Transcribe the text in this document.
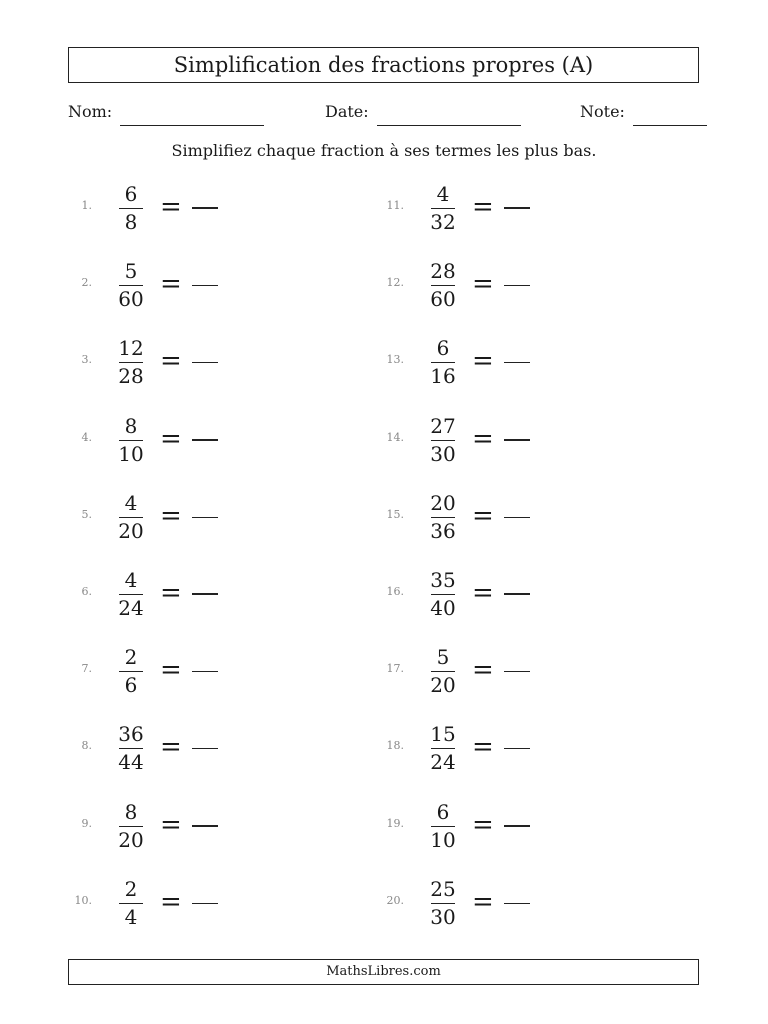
Simplification des fractions propres (A)
Nom:	Date:	Note:
Simplifiez chaque fraction à ses termes les plus bas.
1.	6
8 =
2.	5
60 =
3. 12
28 =
4.	8
10 =
5.	4
20 =
6.	4
24 =
7.	2
6 =
8. 36
44 =
9.	8
20 =
10.	2
4 =
11.	4
32 =
12. 28
60 =
13.	6
16 =
14. 27
30 =
15. 20
36 =
16. 35
40 =
17.	5
20 =
18. 15
24 =
19.	6
10 =
20. 25
30 =
MathsLibres.com
